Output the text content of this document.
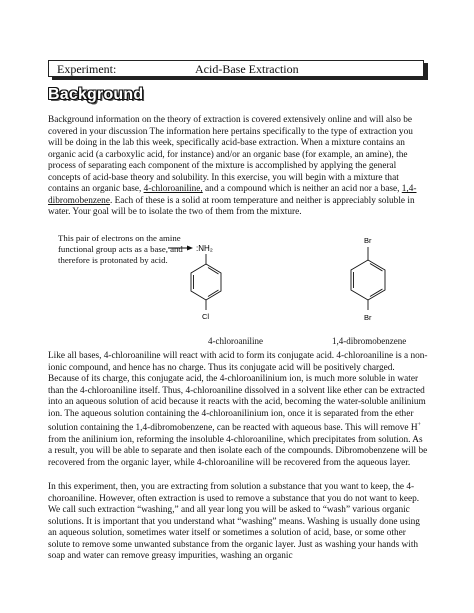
Experiment:	Acid-Base Extraction
Background

Background information on the theory of extraction is covered extensively online and will also be covered in your discussion The information here pertains specifically to the type of extraction you will be doing in the lab this week, specifically acid-base extraction. When a mixture contains an organic acid (a carboxylic acid, for instance) and/or an organic base (for example, an amine), the process of separating each component of the mixture is accomplished by applying the general concepts of acid-base theory and solubility. In this exercise, you will begin with a mixture that contains an organic base, 4-chloroaniline, and a compound which is neither an acid nor a base, 1,4-dibromobenzene. Each of these is a solid at room temperature and neither is appreciably soluble in water. Your goal will be to isolate the two of them from the mixture.

This pair of electrons on the amine functional group acts as a base, and therefore is protonated by acid.
:NH₂
Cl
Br
Br
4-chloroaniline	1,4-dibromobenzene

Like all bases, 4-chloroaniline will react with acid to form its conjugate acid. 4-chloroaniline is a non-ionic compound, and hence has no charge. Thus its conjugate acid will be positively charged. Because of its charge, this conjugate acid, the 4-chloroanilinium ion, is much more soluble in water than the 4-chloroaniline itself. Thus, 4-chloroaniline dissolved in a solvent like ether can be extracted into an aqueous solution of acid because it reacts with the acid, becoming the water-soluble anilinium ion. The aqueous solution containing the 4-chloroanilinium ion, once it is separated from the ether solution containing the 1,4-dibromobenzene, can be reacted with aqueous base. This will remove H+ from the anilinium ion, reforming the insoluble 4-chloroaniline, which precipitates from solution. As a result, you will be able to separate and then isolate each of the compounds. Dibromobenzene will be recovered from the organic layer, while 4-chloroaniline will be recovered from the aqueous layer.

In this experiment, then, you are extracting from solution a substance that you want to keep, the 4-choroaniline. However, often extraction is used to remove a substance that you do not want to keep. We call such extraction “washing,” and all year long you will be asked to “wash” various organic solutions. It is important that you understand what “washing” means. Washing is usually done using an aqueous solution, sometimes water itself or sometimes a solution of acid, base, or some other solute to remove some unwanted substance from the organic layer. Just as washing your hands with soap and water can remove greasy impurities, washing an organic
